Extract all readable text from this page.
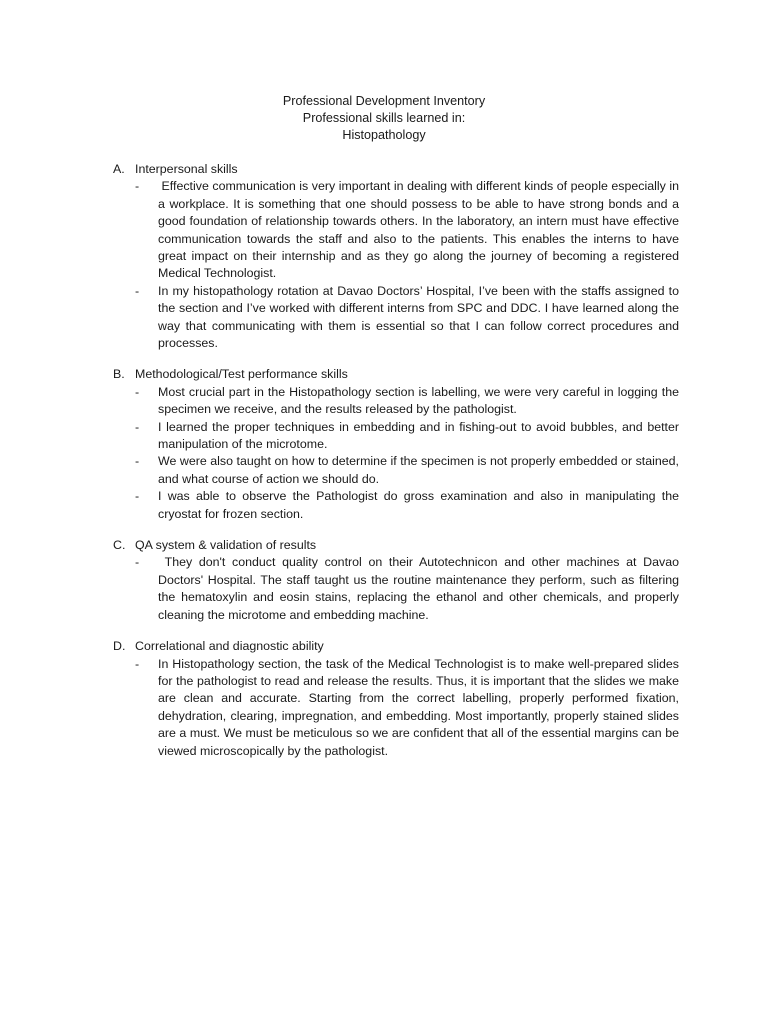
Professional Development Inventory
Professional skills learned in:
Histopathology
A. Interpersonal skills
-	Effective communication is very important in dealing with different kinds of people especially in a workplace. It is something that one should possess to be able to have strong bonds and a good foundation of relationship towards others. In the laboratory, an intern must have effective communication towards the staff and also to the patients. This enables the interns to have great impact on their internship and as they go along the journey of becoming a registered Medical Technologist.

-	In my histopathology rotation at Davao Doctors’ Hospital, I’ve been with the staffs assigned to the section and I’ve worked with different interns from SPC and DDC. I have learned along the way that communicating with them is essential so that I can follow correct procedures and processes.

B. Methodological/Test performance skills
-	Most crucial part in the Histopathology section is labelling, we were very careful in logging the specimen we receive, and the results released by the pathologist.

-	I learned the proper techniques in embedding and in fishing-out to avoid bubbles, and better manipulation of the microtome.

-	We were also taught on how to determine if the specimen is not properly embedded or stained, and what course of action we should do.

-	I was able to observe the Pathologist do gross examination and also in manipulating the cryostat for frozen section.

C. QA system & validation of results
-	They don't conduct quality control on their Autotechnicon and other machines at Davao Doctors' Hospital. The staff taught us the routine maintenance they perform, such as filtering the hematoxylin and eosin stains, replacing the ethanol and other chemicals, and properly cleaning the microtome and embedding machine.

D. Correlational and diagnostic ability
-	In Histopathology section, the task of the Medical Technologist is to make well-prepared slides for the pathologist to read and release the results. Thus, it is important that the slides we make are clean and accurate. Starting from the correct labelling, properly performed fixation, dehydration, clearing, impregnation, and embedding. Most importantly, properly stained slides are a must. We must be meticulous so we are confident that all of the essential margins can be viewed microscopically by the pathologist.
